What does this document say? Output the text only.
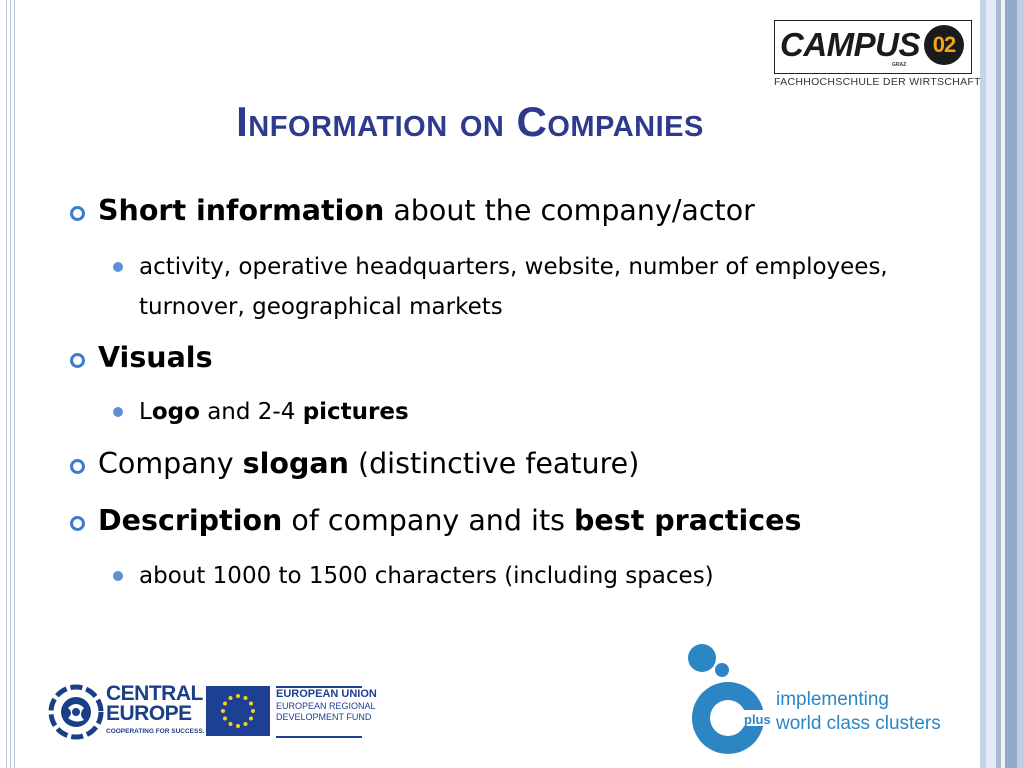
CAMPUS
GRAZ
02
FACHHOCHSCHULE DER WIRTSCHAFT
Information on Companies
Short information about the company/actor
activity, operative headquarters, website, number of employees, turnover, geographical markets
Visuals
Logo and 2-4 pictures
Company slogan (distinctive feature)
Description of company and its best practices
about 1000 to 1500 characters (including spaces)
CENTRAL
EUROPE
COOPERATING FOR SUCCESS.
EUROPEAN UNION
EUROPEAN REGIONAL
DEVELOPMENT FUND	plus
implementing
world class clusters
